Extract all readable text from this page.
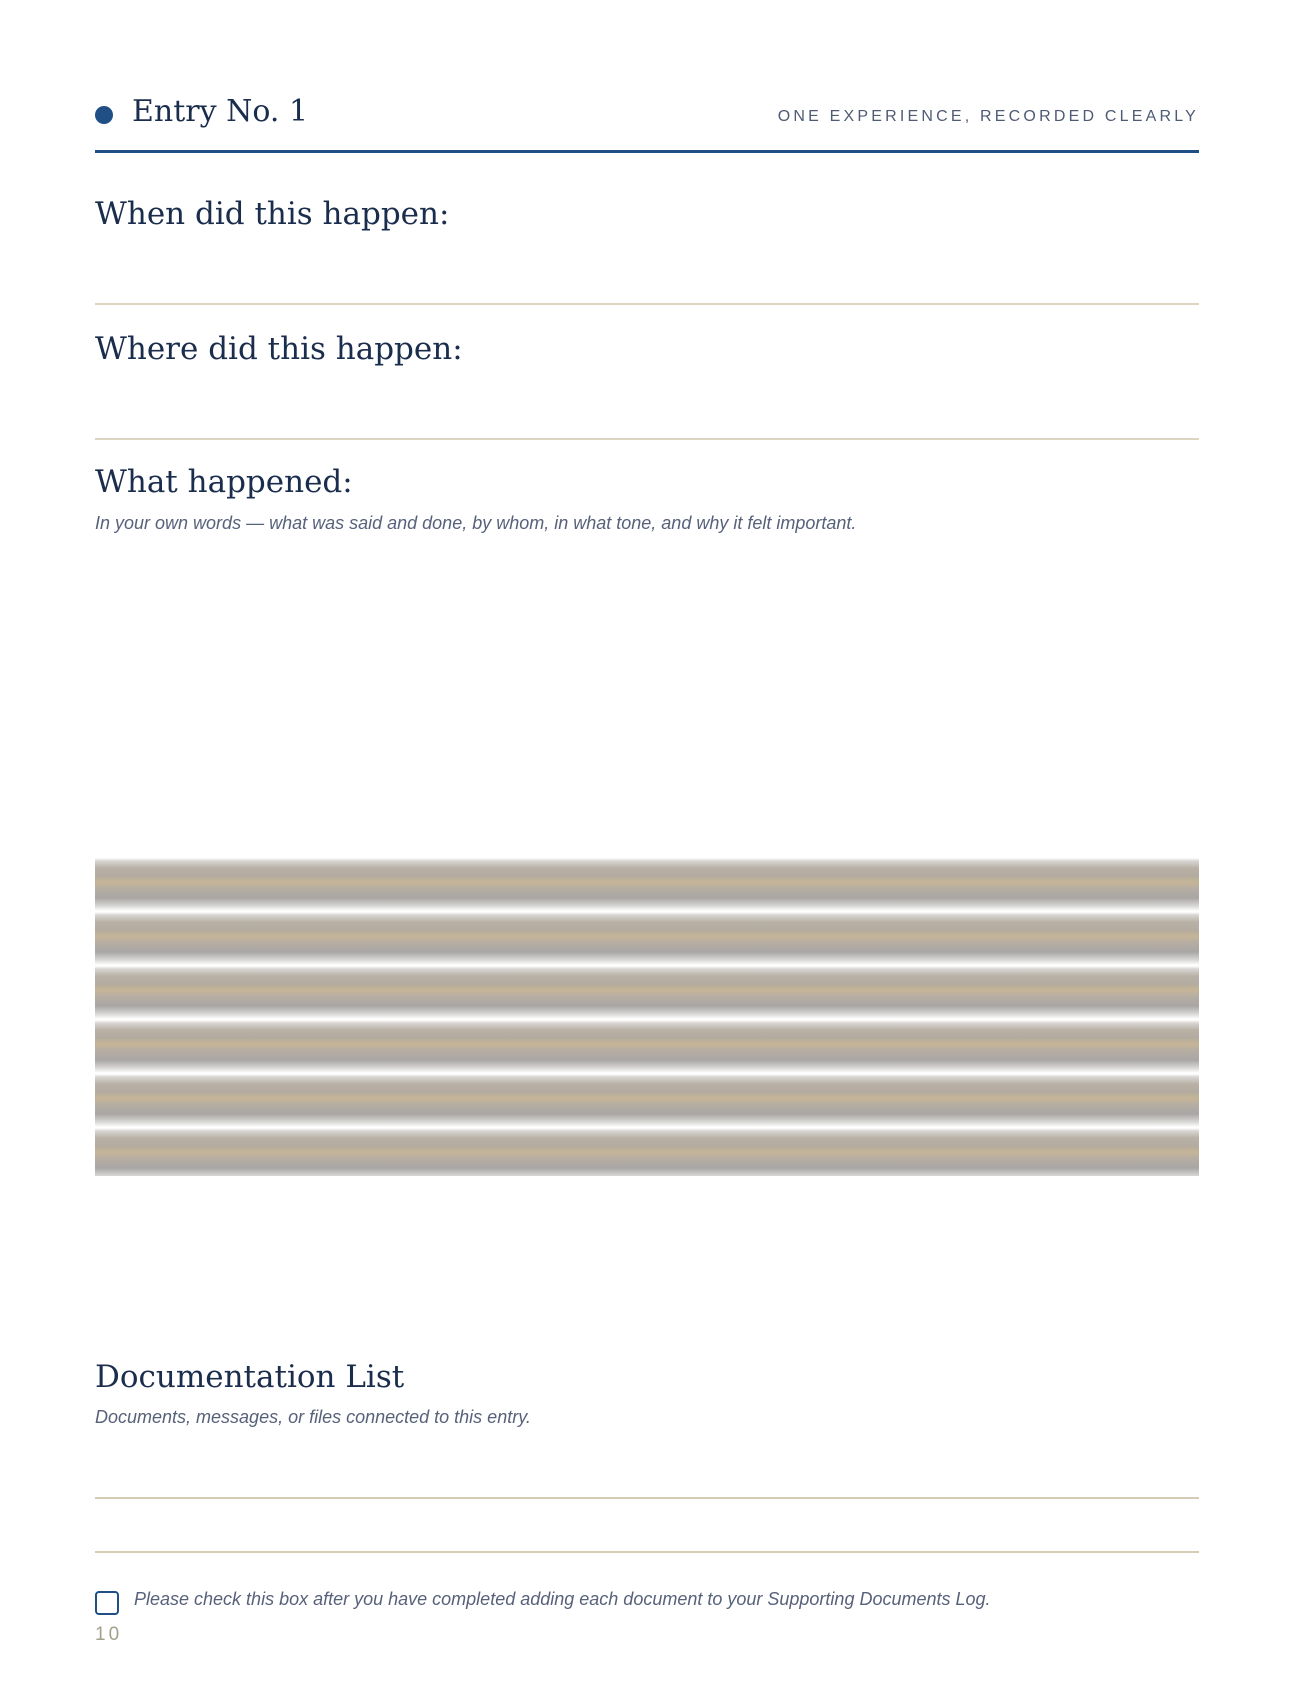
Entry No. 1	ONE EXPERIENCE, RECORDED CLEARLY
When did this happen:
Where did this happen:
What happened:
In your own words — what was said and done, by whom, in what tone, and why it felt important.
Documentation List
Documents, messages, or files connected to this entry.
Please check this box after you have completed adding each document to your Supporting Documents Log.
10
